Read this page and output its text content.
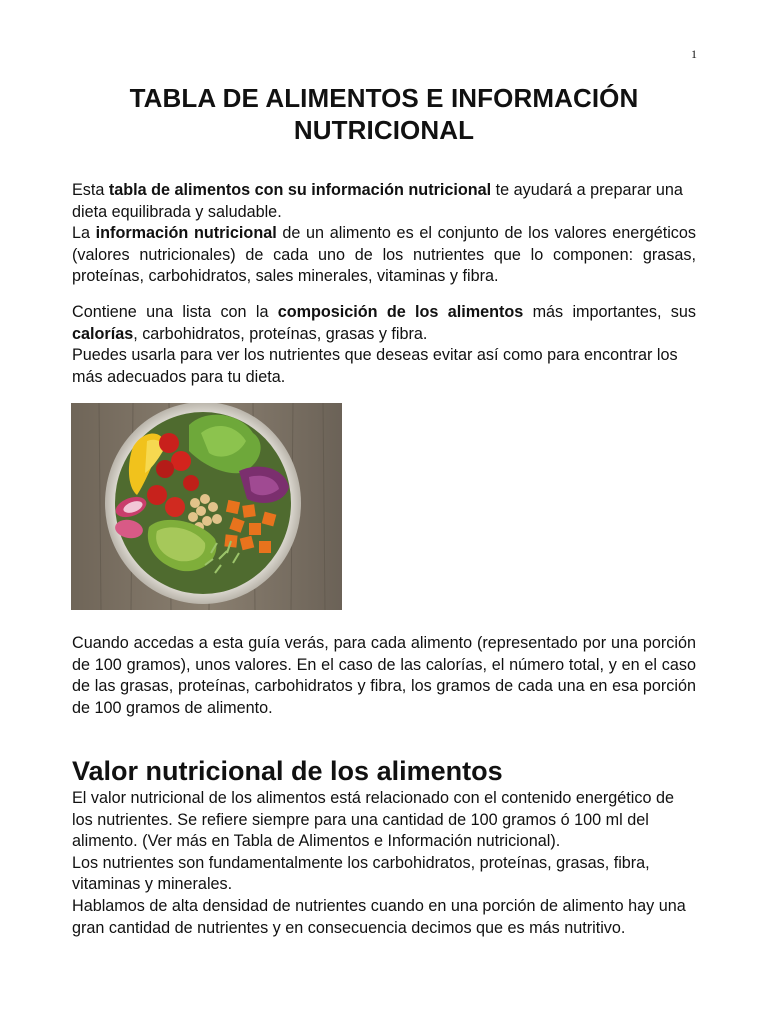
1
TABLA DE ALIMENTOS E INFORMACIÓN NUTRICIONAL

Esta tabla de alimentos con su información nutricional te ayudará a preparar una dieta equilibrada y saludable.

La información nutricional de un alimento es el conjunto de los valores energéticos (valores nutricionales) de cada uno de los nutrientes que lo componen: grasas, proteínas, carbohidratos, sales minerales, vitaminas y fibra.

Contiene una lista con la composición de los alimentos más importantes, sus calorías, carbohidratos, proteínas, grasas y fibra.

Puedes usarla para ver los nutrientes que deseas evitar así como para encontrar los más adecuados para tu dieta.

Cuando accedas a esta guía verás, para cada alimento (representado por una porción de 100 gramos), unos valores. En el caso de las calorías, el número total, y en el caso de las grasas, proteínas, carbohidratos y fibra, los gramos de cada una en esa porción de 100 gramos de alimento.

Valor nutricional de los alimentos
El valor nutricional de los alimentos está relacionado con el contenido energético de los nutrientes. Se refiere siempre para una cantidad de 100 gramos ó 100 ml del alimento. (Ver más en Tabla de Alimentos e Información nutricional).
Los nutrientes son fundamentalmente los carbohidratos, proteínas, grasas, fibra, vitaminas y minerales.
Hablamos de alta densidad de nutrientes cuando en una porción de alimento hay una gran cantidad de nutrientes y en consecuencia decimos que es más nutritivo.
